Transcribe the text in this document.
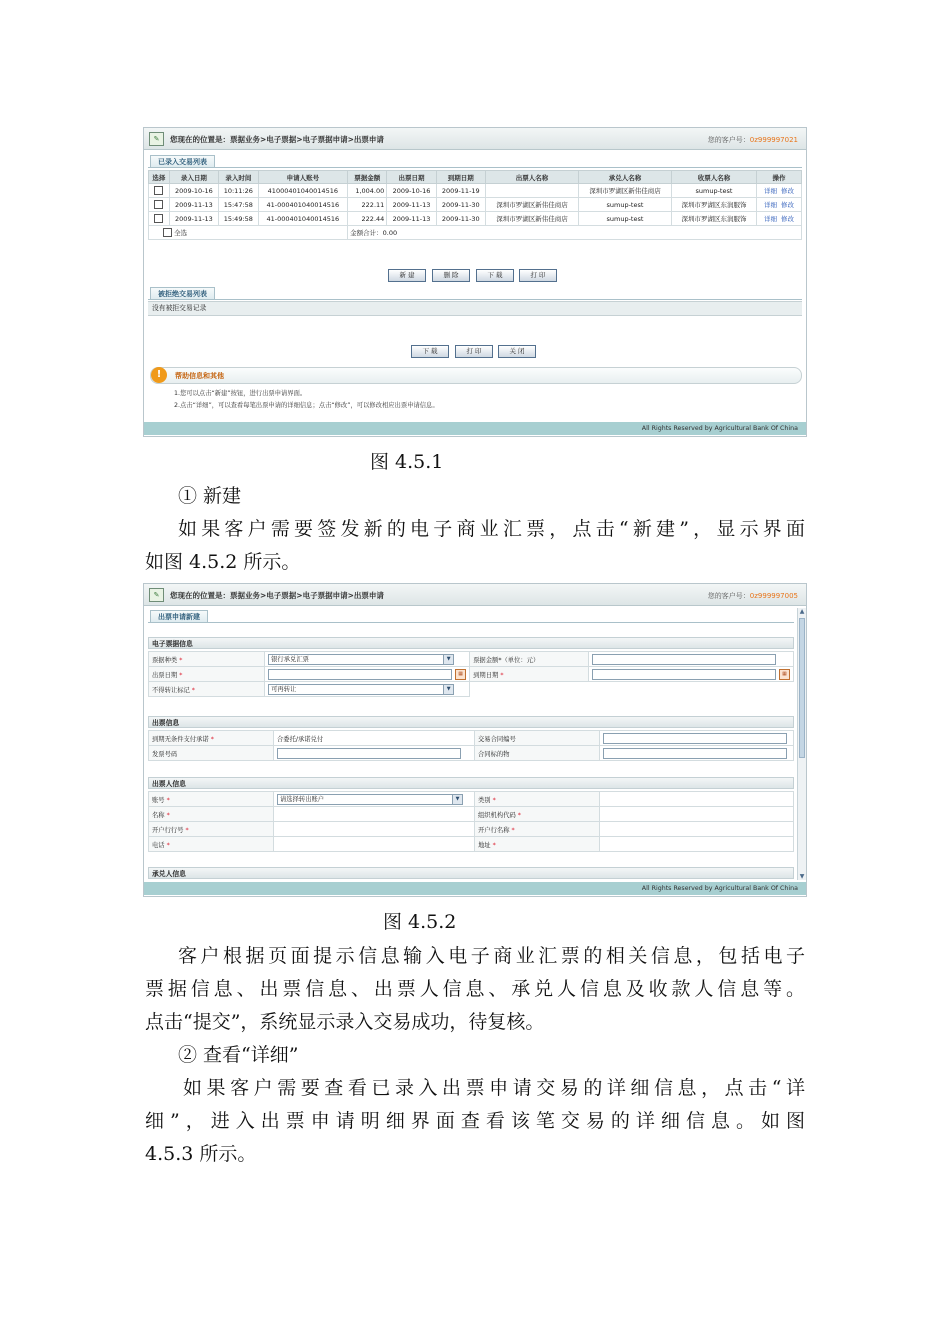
✎	您现在的位置是：票据业务>电子票据>电子票据申请>出票申请	您的客户号：0z999997021
已录入交易列表
选择	录入日期	录入时间	申请人账号	票据金额	出票日期	到期日期	出票人名称	承兑人名称	收票人名称	操作
	2009-10-16	10:11:26	41000401040014516	1,004.00	2009-10-16	2009-11-19		深圳市罗湖区新伟佳商店	sumup-test	详细 修改
	2009-11-13	15:47:58	41-000401040014516	222.11	2009-11-13	2009-11-30	深圳市罗湖区新伟佳商店	sumup-test	深圳市罗湖区东润服饰	详细 修改
	2009-11-13	15:49:58	41-000401040014516	222.44	2009-11-13	2009-11-30	深圳市罗湖区新伟佳商店	sumup-test	深圳市罗湖区东润服饰	详细 修改
全选				金额合计：0.00						
新 建	删 除	下 载	打 印
被拒绝交易列表
没有被拒交易记录
下 载	打 印	关 闭
!	帮助信息和其他
1.您可以点击“新建”按钮，进行出票申请界面。
2.点击“详细”，可以查看每笔出票申请的详细信息；点击“修改”，可以修改相应出票申请信息。
All Rights Reserved by Agricultural Bank Of China
图 4.5.1
① 新建
如果客户需要签发新的电子商业汇票，点击“新建”，显示界面
如图 4.5.2 所示。
✎	您现在的位置是：票据业务>电子票据>电子票据申请>出票申请	您的客户号：0z999997005
出票申请新建
电子票据信息
票据种类 *	银行承兑汇票 ▼	票据金额*（单位：元）	
出票日期 *	▦	到期日期 *	▦
不得转让标记 *	可再转让 ▼		

出票信息
到期无条件支付承诺 *	合委托/承诺兑付	交易合同编号	
发票号码		合同标的物	
出票人信息
账号 *	请选择转出账户 ▼	类别 *	
名称 *		组织机构代码 *	
开户行行号 *		开户行名称 *	
电话 *		地址 *	
承兑人信息
▲
▼
All Rights Reserved by Agricultural Bank Of China
图 4.5.2
客户根据页面提示信息输入电子商业汇票的相关信息，包括电子
票据信息、出票信息、出票人信息、承兑人信息及收款人信息等。
点击“提交”，系统显示录入交易成功，待复核。
② 查看“详细”
如果客户需要查看已录入出票申请交易的详细信息，点击“详
细”，进入出票申请明细界面查看该笔交易的详细信息。如图
4.5.3 所示。
